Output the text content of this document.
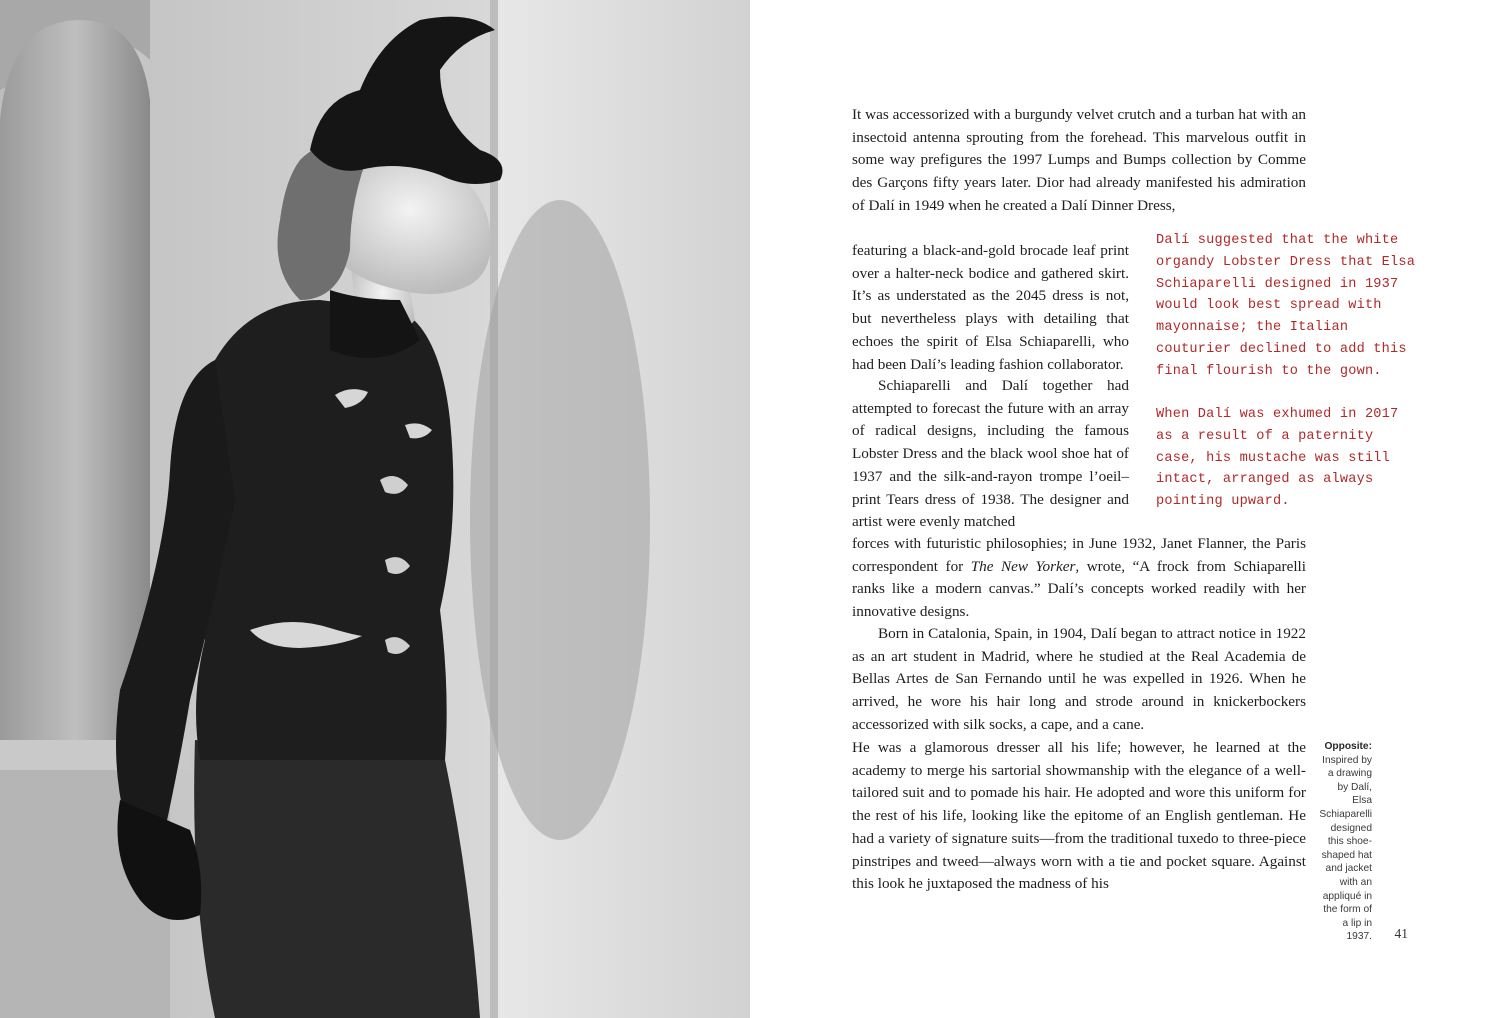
It was accessorized with a burgundy velvet crutch and a turban hat with an insectoid antenna sprouting from the forehead. This marvelous outfit in some way prefigures the 1997 Lumps and Bumps collection by Comme des Garçons fifty years later. Dior had already manifested his admiration of Dalí in 1949 when he created a Dalí Dinner Dress,

featuring a black-and-gold brocade leaf print over a halter-neck bodice and gathered skirt. It’s as understated as the 2045 dress is not, but nevertheless plays with detailing that echoes the spirit of Elsa Schiaparelli, who had been Dalí’s leading fashion collaborator.

Schiaparelli and Dalí together had attempted to forecast the future with an array of radical designs, including the famous Lobster Dress and the black wool shoe hat of 1937 and the silk-and-rayon trompe l’oeil–print Tears dress of 1938. The designer and artist were evenly matched

forces with futuristic philosophies; in June 1932, Janet Flanner, the Paris correspondent for The New Yorker, wrote, “A frock from Schiaparelli ranks like a modern canvas.” Dalí’s concepts worked readily with her innovative designs.

Born in Catalonia, Spain, in 1904, Dalí began to attract notice in 1922 as an art student in Madrid, where he studied at the Real Academia de Bellas Artes de San Fernando until he was expelled in 1926. When he arrived, he wore his hair long and strode around in knickerbockers accessorized with silk socks, a cape, and a cane.

He was a glamorous dresser all his life; however, he learned at the academy to merge his sartorial showmanship with the elegance of a well-tailored suit and to pomade his hair. He adopted and wore this uniform for the rest of his life, looking like the epitome of an English gentleman. He had a variety of signature suits—from the traditional tuxedo to three-piece pinstripes and tweed—always worn with a tie and pocket square. Against this look he juxtaposed the madness of his

Dalí suggested that the white organdy Lobster Dress that Elsa Schiaparelli designed in 1937 would look best spread with mayonnaise; the Italian couturier declined to add this final flourish to the gown.

When Dalí was exhumed in 2017 as a result of a paternity case, his mustache was still intact, arranged as always pointing upward.

Opposite:
Inspired by a drawing by Dalí, Elsa Schiaparelli designed this shoe-shaped hat and jacket with an appliqué in the form of a lip in 1937.	41
